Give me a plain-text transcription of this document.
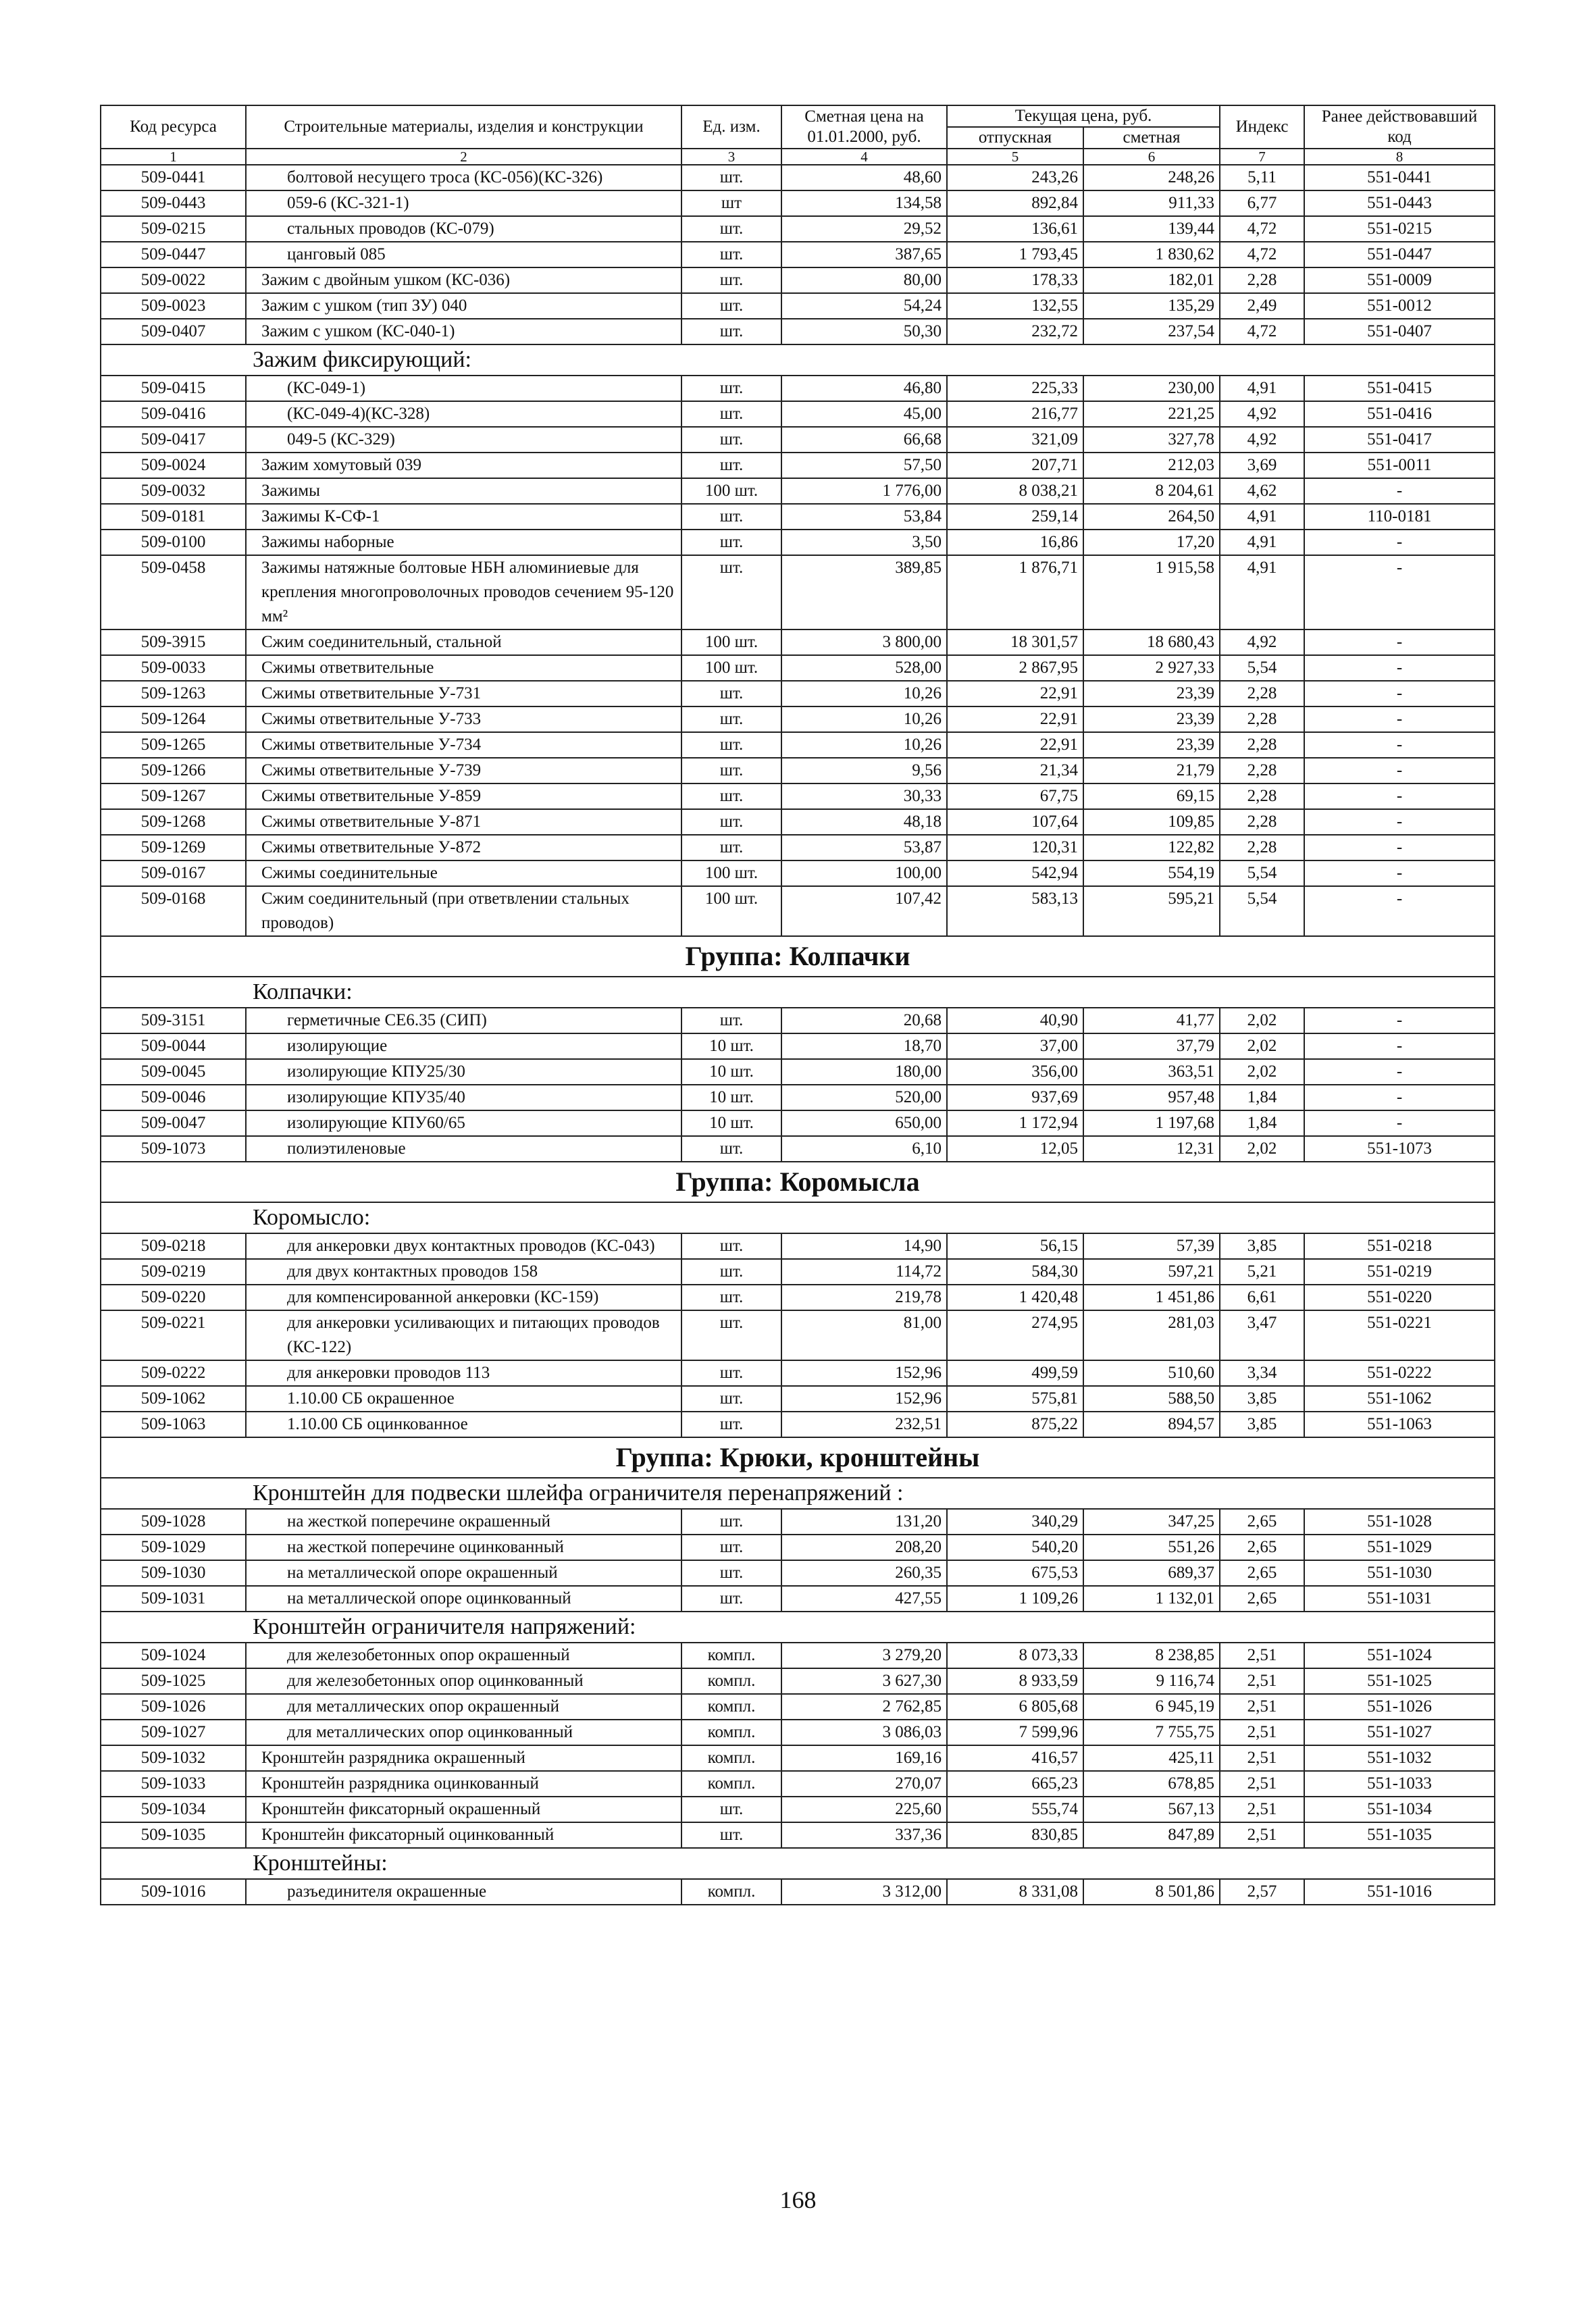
Код ресурса	Строительные материалы, изделия и конструкции	Ед. изм.	Сметная цена на 01.01.2000, руб.	Текущая цена, руб.		Индекс	Ранее действовавший код
				отпускная	сметная		
1	2	3	4	5	6	7	8
509-0441	болтовой несущего троса (КС-056)(КС-326)	шт.	48,60	243,26	248,26	5,11	551-0441
509-0443	059-6 (КС-321-1)	шт	134,58	892,84	911,33	6,77	551-0443
509-0215	стальных проводов (КС-079)	шт.	29,52	136,61	139,44	4,72	551-0215
509-0447	цанговый 085	шт.	387,65	1 793,45	1 830,62	4,72	551-0447
509-0022	Зажим с двойным ушком (КС-036)	шт.	80,00	178,33	182,01	2,28	551-0009
509-0023	Зажим с ушком (тип ЗУ) 040	шт.	54,24	132,55	135,29	2,49	551-0012
509-0407	Зажим с ушком (КС-040-1)	шт.	50,30	232,72	237,54	4,72	551-0407
Зажим фиксирующий:							
509-0415	(КС-049-1)	шт.	46,80	225,33	230,00	4,91	551-0415
509-0416	(КС-049-4)(КС-328)	шт.	45,00	216,77	221,25	4,92	551-0416
509-0417	049-5 (КС-329)	шт.	66,68	321,09	327,78	4,92	551-0417
509-0024	Зажим хомутовый 039	шт.	57,50	207,71	212,03	3,69	551-0011
509-0032	Зажимы	100 шт.	1 776,00	8 038,21	8 204,61	4,62	-
509-0181	Зажимы К-СФ-1	шт.	53,84	259,14	264,50	4,91	110-0181
509-0100	Зажимы наборные	шт.	3,50	16,86	17,20	4,91	-
509-0458	Зажимы натяжные болтовые НБН алюминиевые для крепления многопроволочных проводов сечением 95-120 мм²	шт.	389,85	1 876,71	1 915,58	4,91	-
509-3915	Сжим соединительный, стальной	100 шт.	3 800,00	18 301,57	18 680,43	4,92	-
509-0033	Сжимы ответвительные	100 шт.	528,00	2 867,95	2 927,33	5,54	-
509-1263	Сжимы ответвительные У-731	шт.	10,26	22,91	23,39	2,28	-
509-1264	Сжимы ответвительные У-733	шт.	10,26	22,91	23,39	2,28	-
509-1265	Сжимы ответвительные У-734	шт.	10,26	22,91	23,39	2,28	-
509-1266	Сжимы ответвительные У-739	шт.	9,56	21,34	21,79	2,28	-
509-1267	Сжимы ответвительные У-859	шт.	30,33	67,75	69,15	2,28	-
509-1268	Сжимы ответвительные У-871	шт.	48,18	107,64	109,85	2,28	-
509-1269	Сжимы ответвительные У-872	шт.	53,87	120,31	122,82	2,28	-
509-0167	Сжимы соединительные	100 шт.	100,00	542,94	554,19	5,54	-
509-0168	Сжим соединительный (при ответвлении стальных проводов)	100 шт.	107,42	583,13	595,21	5,54	-
Группа: Колпачки							
Колпачки:							
509-3151	герметичные СЕ6.35 (СИП)	шт.	20,68	40,90	41,77	2,02	-
509-0044	изолирующие	10 шт.	18,70	37,00	37,79	2,02	-
509-0045	изолирующие КПУ25/30	10 шт.	180,00	356,00	363,51	2,02	-
509-0046	изолирующие КПУ35/40	10 шт.	520,00	937,69	957,48	1,84	-
509-0047	изолирующие КПУ60/65	10 шт.	650,00	1 172,94	1 197,68	1,84	-
509-1073	полиэтиленовые	шт.	6,10	12,05	12,31	2,02	551-1073
Группа: Коромысла							
Коромысло:							
509-0218	для анкеровки двух контактных проводов (КС-043)	шт.	14,90	56,15	57,39	3,85	551-0218
509-0219	для двух контактных проводов 158	шт.	114,72	584,30	597,21	5,21	551-0219
509-0220	для компенсированной анкеровки (КС-159)	шт.	219,78	1 420,48	1 451,86	6,61	551-0220
509-0221	для анкеровки усиливающих и питающих проводов (КС-122)	шт.	81,00	274,95	281,03	3,47	551-0221
509-0222	для анкеровки проводов 113	шт.	152,96	499,59	510,60	3,34	551-0222
509-1062	1.10.00 СБ окрашенное	шт.	152,96	575,81	588,50	3,85	551-1062
509-1063	1.10.00 СБ оцинкованное	шт.	232,51	875,22	894,57	3,85	551-1063
Группа: Крюки, кронштейны							
Кронштейн для подвески шлейфа ограничителя перенапряжений :							
509-1028	на жесткой поперечине окрашенный	шт.	131,20	340,29	347,25	2,65	551-1028
509-1029	на жесткой поперечине оцинкованный	шт.	208,20	540,20	551,26	2,65	551-1029
509-1030	на металлической опоре окрашенный	шт.	260,35	675,53	689,37	2,65	551-1030
509-1031	на металлической опоре оцинкованный	шт.	427,55	1 109,26	1 132,01	2,65	551-1031
Кронштейн ограничителя напряжений:							
509-1024	для железобетонных опор окрашенный	компл.	3 279,20	8 073,33	8 238,85	2,51	551-1024
509-1025	для железобетонных опор оцинкованный	компл.	3 627,30	8 933,59	9 116,74	2,51	551-1025
509-1026	для металлических опор окрашенный	компл.	2 762,85	6 805,68	6 945,19	2,51	551-1026
509-1027	для металлических опор оцинкованный	компл.	3 086,03	7 599,96	7 755,75	2,51	551-1027
509-1032	Кронштейн разрядника окрашенный	компл.	169,16	416,57	425,11	2,51	551-1032
509-1033	Кронштейн разрядника оцинкованный	компл.	270,07	665,23	678,85	2,51	551-1033
509-1034	Кронштейн фиксаторный окрашенный	шт.	225,60	555,74	567,13	2,51	551-1034
509-1035	Кронштейн фиксаторный оцинкованный	шт.	337,36	830,85	847,89	2,51	551-1035
Кронштейны:							
509-1016	разъединителя окрашенные	компл.	3 312,00	8 331,08	8 501,86	2,57	551-1016
168
